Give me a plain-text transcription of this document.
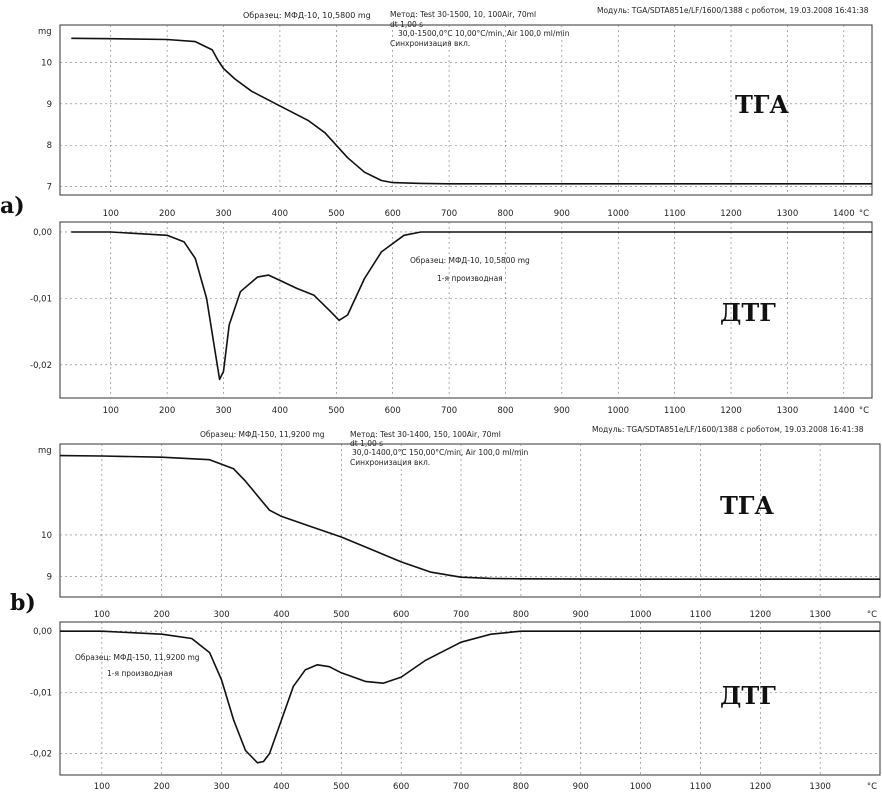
Образец: МФД-10, 10,5800 mg	Метод: Test 30-1500, 10, 100Air, 70ml
dt 1,00 s
30,0-1500,0°C 10,00°C/min, Air 100,0 ml/min
Синхронизация вкл.
Модуль: TGA/SDTA851e/LF/1600/1388 с роботом, 19.03.2008 16:41:38
Образец: МФД-150, 11,9200 mg	Метод: Test 30-1400, 150, 100Air, 70ml
dt 1,00 s
30,0-1400,0°C 150,00°C/min, Air 100,0 ml/min
Синхронизация вкл.
Модуль: TGA/SDTA851e/LF/1600/1388 с роботом, 19.03.2008 16:41:38
a)
b)
Образец: МФД-10, 10,5800 mg
1-я производная
Образец: МФД-150, 11,9200 mg
1-я производная
100	200	300	400	500	600	700	800	900	1000	1100	1200	1300	1400 °C
7
8
9
10
mg
ТГА
100	200	300	400	500	600	700	800	900	1000	1100	1200	1300	1400 °C
0,00
-0,01
-0,02
ДТГ
100	200	300	400	500	600	700	800	900	1000	1100	1200	1300	°C
9
10
mg
ТГА
100	200	300	400	500	600	700	800	900	1000	1100	1200	1300	°C
0,00
-0,01
-0,02
ДТГ
